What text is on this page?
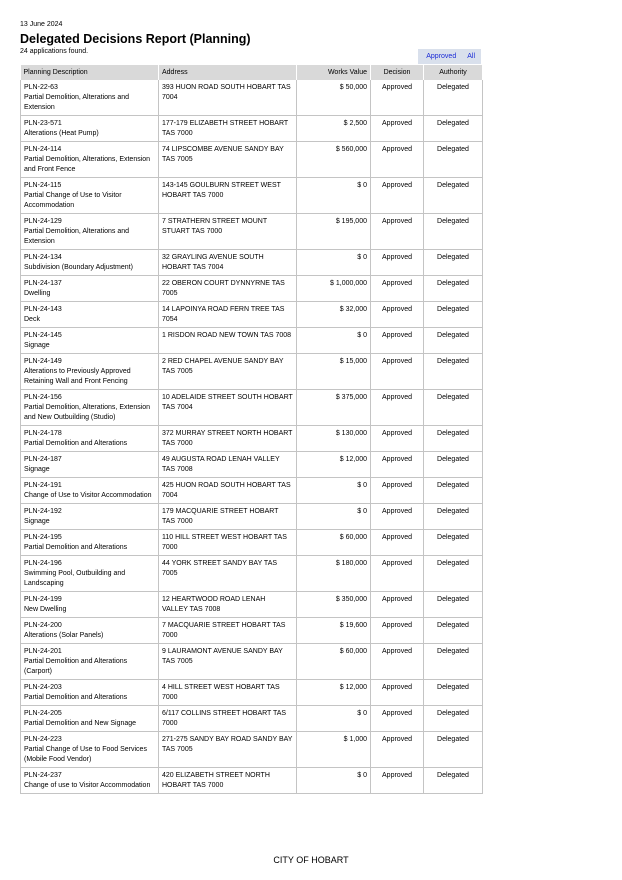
13 June 2024
Delegated Decisions Report (Planning)
24 applications found.
Approved All
Planning Description	Address	Works Value	Decision	Authority

PLN-22-63
Partial Demolition, Alterations and Extension	393 HUON ROAD SOUTH HOBART TAS 7004	$ 50,000	Approved	Delegated

PLN-23-571
Alterations (Heat Pump)	177-179 ELIZABETH STREET HOBART TAS 7000	$ 2,500	Approved	Delegated

PLN-24-114
Partial Demolition, Alterations, Extension and Front Fence	74 LIPSCOMBE AVENUE SANDY BAY TAS 7005	$ 560,000	Approved	Delegated

PLN-24-115
Partial Change of Use to Visitor Accommodation	143-145 GOULBURN STREET WEST HOBART TAS 7000	$ 0	Approved	Delegated

PLN-24-129
Partial Demolition, Alterations and Extension	7 STRATHERN STREET MOUNT STUART TAS 7000	$ 195,000	Approved	Delegated

PLN-24-134
Subdivision (Boundary Adjustment)	32 GRAYLING AVENUE SOUTH HOBART TAS 7004	$ 0	Approved	Delegated

PLN-24-137
Dwelling	22 OBERON COURT DYNNYRNE TAS 7005	$ 1,000,000	Approved	Delegated

PLN-24-143
Deck	14 LAPOINYA ROAD FERN TREE TAS 7054	$ 32,000	Approved	Delegated

PLN-24-145
Signage	1 RISDON ROAD NEW TOWN TAS 7008	$ 0	Approved	Delegated

PLN-24-149
Alterations to Previously Approved Retaining Wall and Front Fencing	2 RED CHAPEL AVENUE SANDY BAY TAS 7005	$ 15,000	Approved	Delegated

PLN-24-156
Partial Demolition, Alterations, Extension and New Outbuilding (Studio)	10 ADELAIDE STREET SOUTH HOBART TAS 7004	$ 375,000	Approved	Delegated

PLN-24-178
Partial Demolition and Alterations	372 MURRAY STREET NORTH HOBART TAS 7000	$ 130,000	Approved	Delegated

PLN-24-187
Signage	49 AUGUSTA ROAD LENAH VALLEY TAS 7008	$ 12,000	Approved	Delegated

PLN-24-191
Change of Use to Visitor Accommodation	425 HUON ROAD SOUTH HOBART TAS 7004	$ 0	Approved	Delegated

PLN-24-192
Signage	179 MACQUARIE STREET HOBART TAS 7000	$ 0	Approved	Delegated

PLN-24-195
Partial Demolition and Alterations	110 HILL STREET WEST HOBART TAS 7000	$ 60,000	Approved	Delegated

PLN-24-196
Swimming Pool, Outbuilding and Landscaping	44 YORK STREET SANDY BAY TAS 7005	$ 180,000	Approved	Delegated

PLN-24-199
New Dwelling	12 HEARTWOOD ROAD LENAH VALLEY TAS 7008	$ 350,000	Approved	Delegated

PLN-24-200
Alterations (Solar Panels)	7 MACQUARIE STREET HOBART TAS 7000	$ 19,600	Approved	Delegated

PLN-24-201
Partial Demolition and Alterations (Carport)	9 LAURAMONT AVENUE SANDY BAY TAS 7005	$ 60,000	Approved	Delegated

PLN-24-203
Partial Demolition and Alterations	4 HILL STREET WEST HOBART TAS 7000	$ 12,000	Approved	Delegated

PLN-24-205
Partial Demolition and New Signage	6/117 COLLINS STREET HOBART TAS 7000	$ 0	Approved	Delegated

PLN-24-223
Partial Change of Use to Food Services (Mobile Food Vendor)	271-275 SANDY BAY ROAD SANDY BAY TAS 7005	$ 1,000	Approved	Delegated

PLN-24-237
Change of use to Visitor Accommodation	420 ELIZABETH STREET NORTH HOBART TAS 7000	$ 0	Approved	Delegated
CITY OF HOBART
